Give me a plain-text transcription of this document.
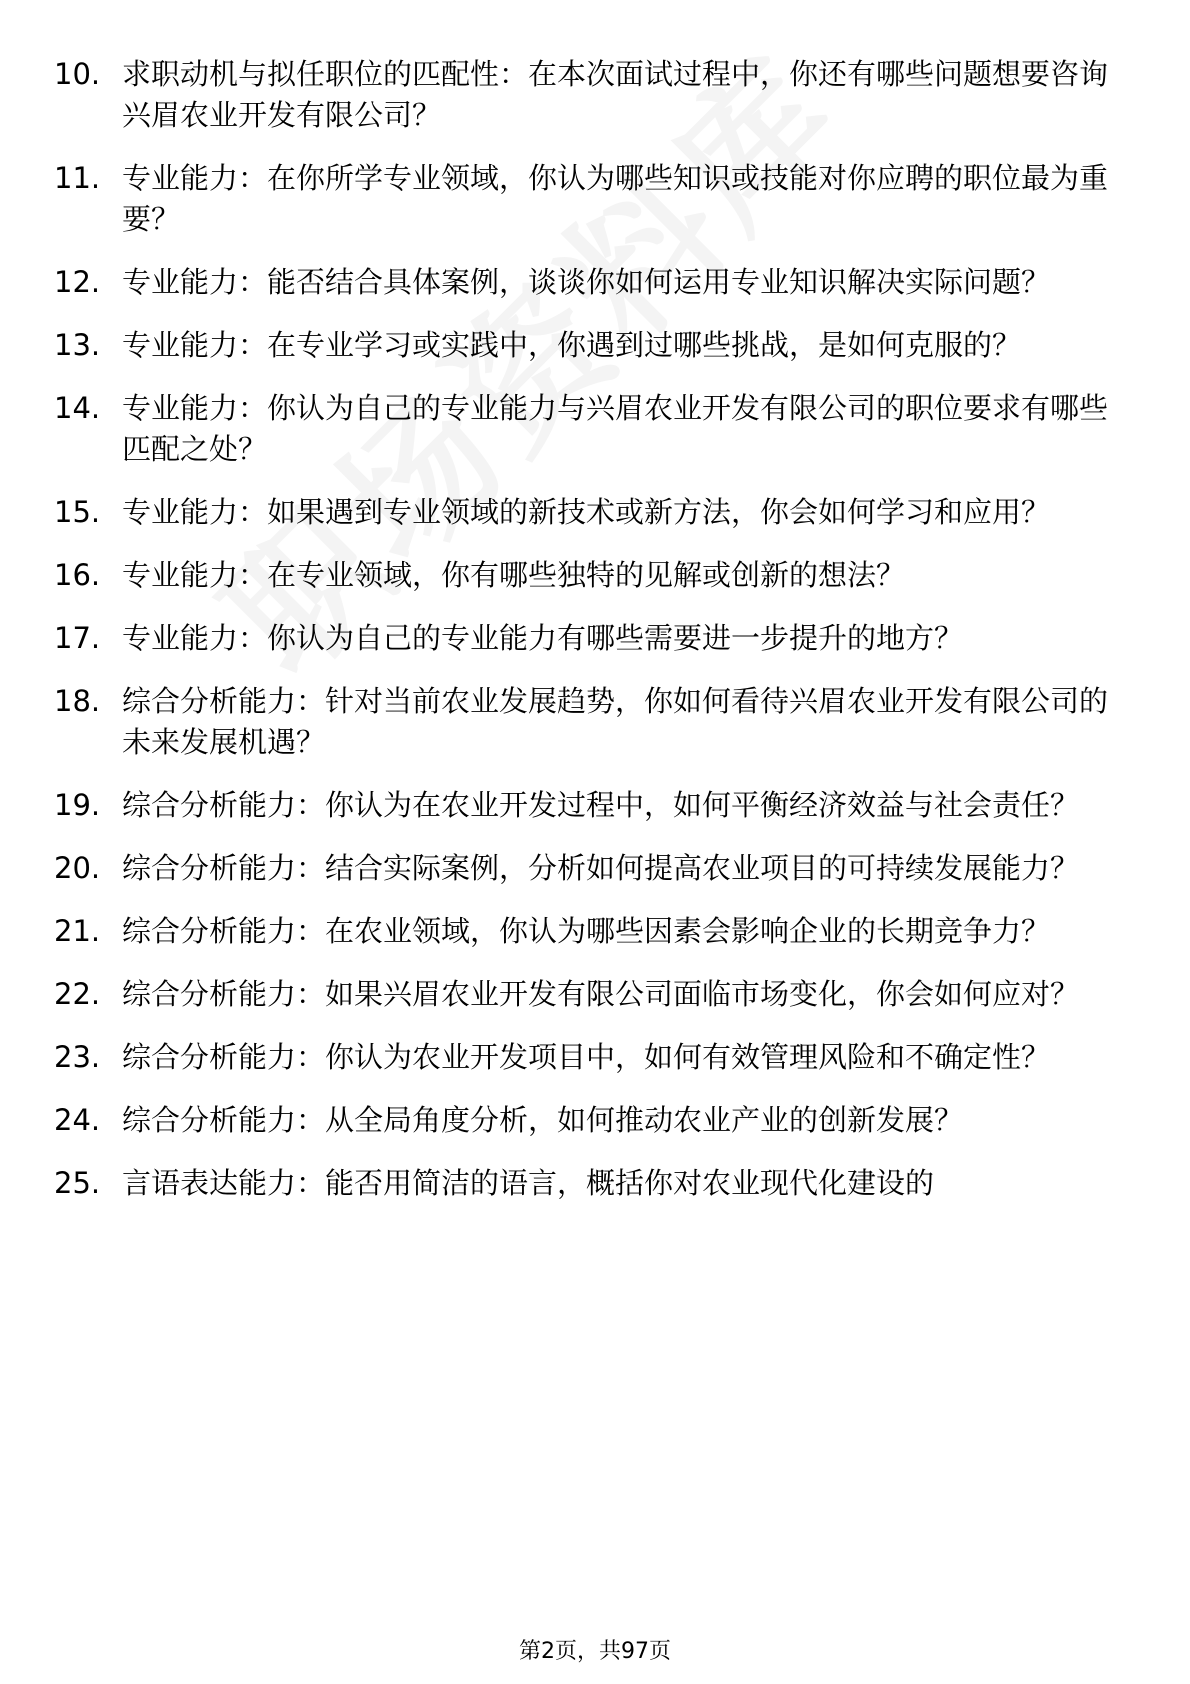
10. 求职动机与拟任职位的匹配性：在本次面试过程中，你还有哪些问题想要咨询兴眉农业开发有限公司？
11. 专业能力：在你所学专业领域，你认为哪些知识或技能对你应聘的职位最为重要？
12. 专业能力：能否结合具体案例，谈谈你如何运用专业知识解决实际问题？
13. 专业能力：在专业学习或实践中，你遇到过哪些挑战，是如何克服的？
14. 专业能力：你认为自己的专业能力与兴眉农业开发有限公司的职位要求有哪些匹配之处？
15. 专业能力：如果遇到专业领域的新技术或新方法，你会如何学习和应用？
16. 专业能力：在专业领域，你有哪些独特的见解或创新的想法？
17. 专业能力：你认为自己的专业能力有哪些需要进一步提升的地方？
18. 综合分析能力：针对当前农业发展趋势，你如何看待兴眉农业开发有限公司的未来发展机遇？
19. 综合分析能力：你认为在农业开发过程中，如何平衡经济效益与社会责任？
20. 综合分析能力：结合实际案例，分析如何提高农业项目的可持续发展能力？
21. 综合分析能力：在农业领域，你认为哪些因素会影响企业的长期竞争力？
22. 综合分析能力：如果兴眉农业开发有限公司面临市场变化，你会如何应对？
23. 综合分析能力：你认为农业开发项目中，如何有效管理风险和不确定性？
24. 综合分析能力：从全局角度分析，如何推动农业产业的创新发展？
25. 言语表达能力：能否用简洁的语言，概括你对农业现代化建设的
第2页，共97页
